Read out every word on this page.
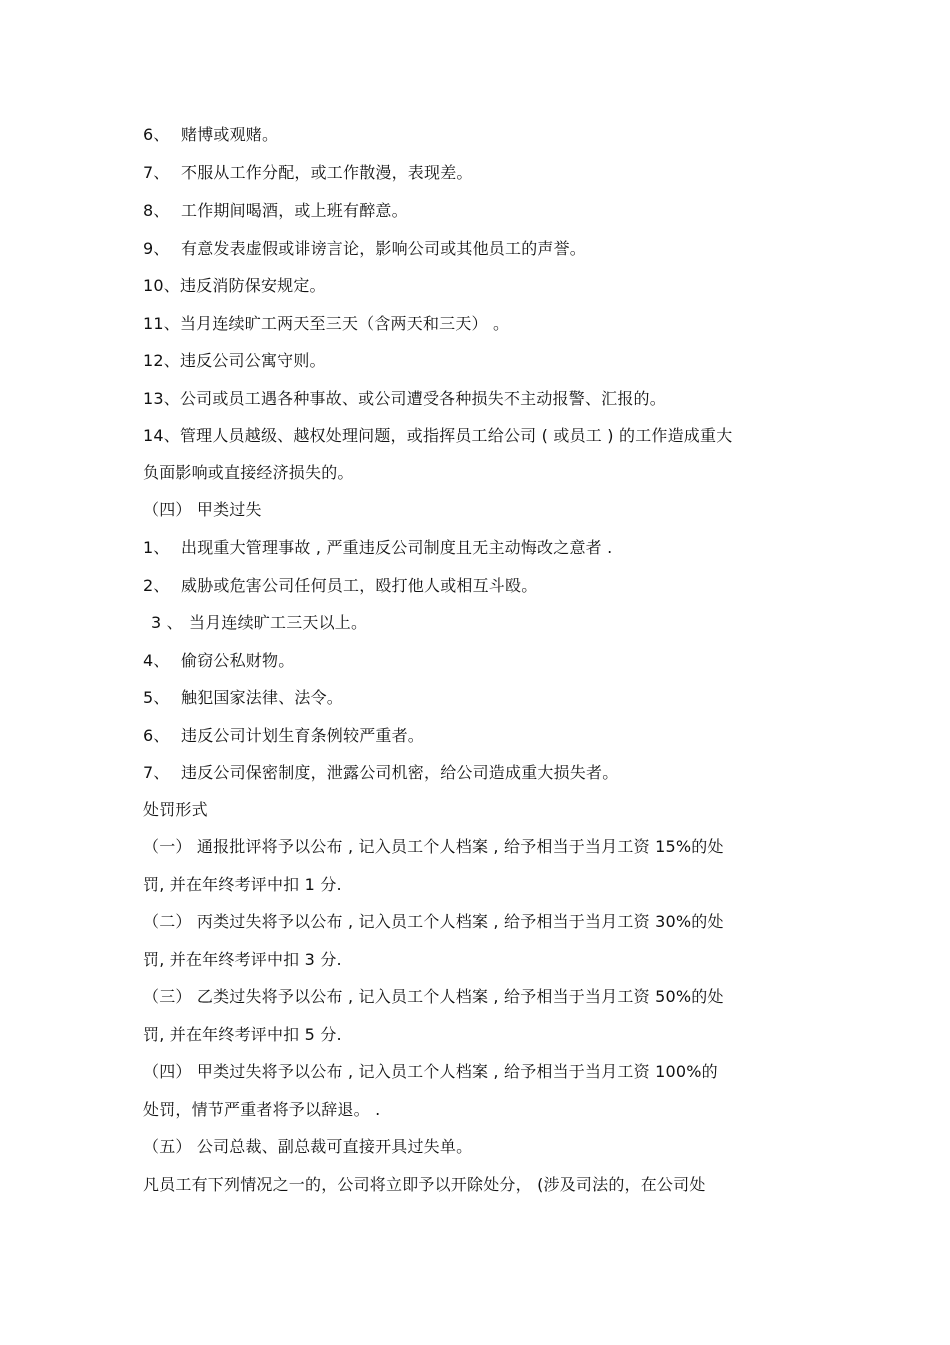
6、 赌博或观赌。
7、 不服从工作分配，或工作散漫，表现差。
8、 工作期间喝酒，或上班有醉意。
9、 有意发表虚假或诽谤言论，影响公司或其他员工的声誉。
10、违反消防保安规定。
11、当月连续旷工两天至三天（含两天和三天） 。
12、违反公司公寓守则。
13、公司或员工遇各种事故、或公司遭受各种损失不主动报警、汇报的。
14、管理人员越级、越权处理问题，或指挥员工给公司 ( 或员工 ) 的工作造成重大
负面影响或直接经济损失的。
（四） 甲类过失
1、 出现重大管理事故 , 严重违反公司制度且无主动悔改之意者 .
2、 威胁或危害公司任何员工，殴打他人或相互斗殴。
3 、 当月连续旷工三天以上。
4、 偷窃公私财物。
5、 触犯国家法律、法令。
6、 违反公司计划生育条例较严重者。
7、 违反公司保密制度，泄露公司机密，给公司造成重大损失者。
处罚形式
（一） 通报批评将予以公布 , 记入员工个人档案 , 给予相当于当月工资 15%的处
罚, 并在年终考评中扣 1 分.
（二） 丙类过失将予以公布 , 记入员工个人档案 , 给予相当于当月工资 30%的处
罚, 并在年终考评中扣 3 分.
（三） 乙类过失将予以公布 , 记入员工个人档案 , 给予相当于当月工资 50%的处
罚, 并在年终考评中扣 5 分.
（四） 甲类过失将予以公布 , 记入员工个人档案 , 给予相当于当月工资 100%的
处罚，情节严重者将予以辞退。 .
（五） 公司总裁、副总裁可直接开具过失单。
凡员工有下列情况之一的，公司将立即予以开除处分， (涉及司法的，在公司处
